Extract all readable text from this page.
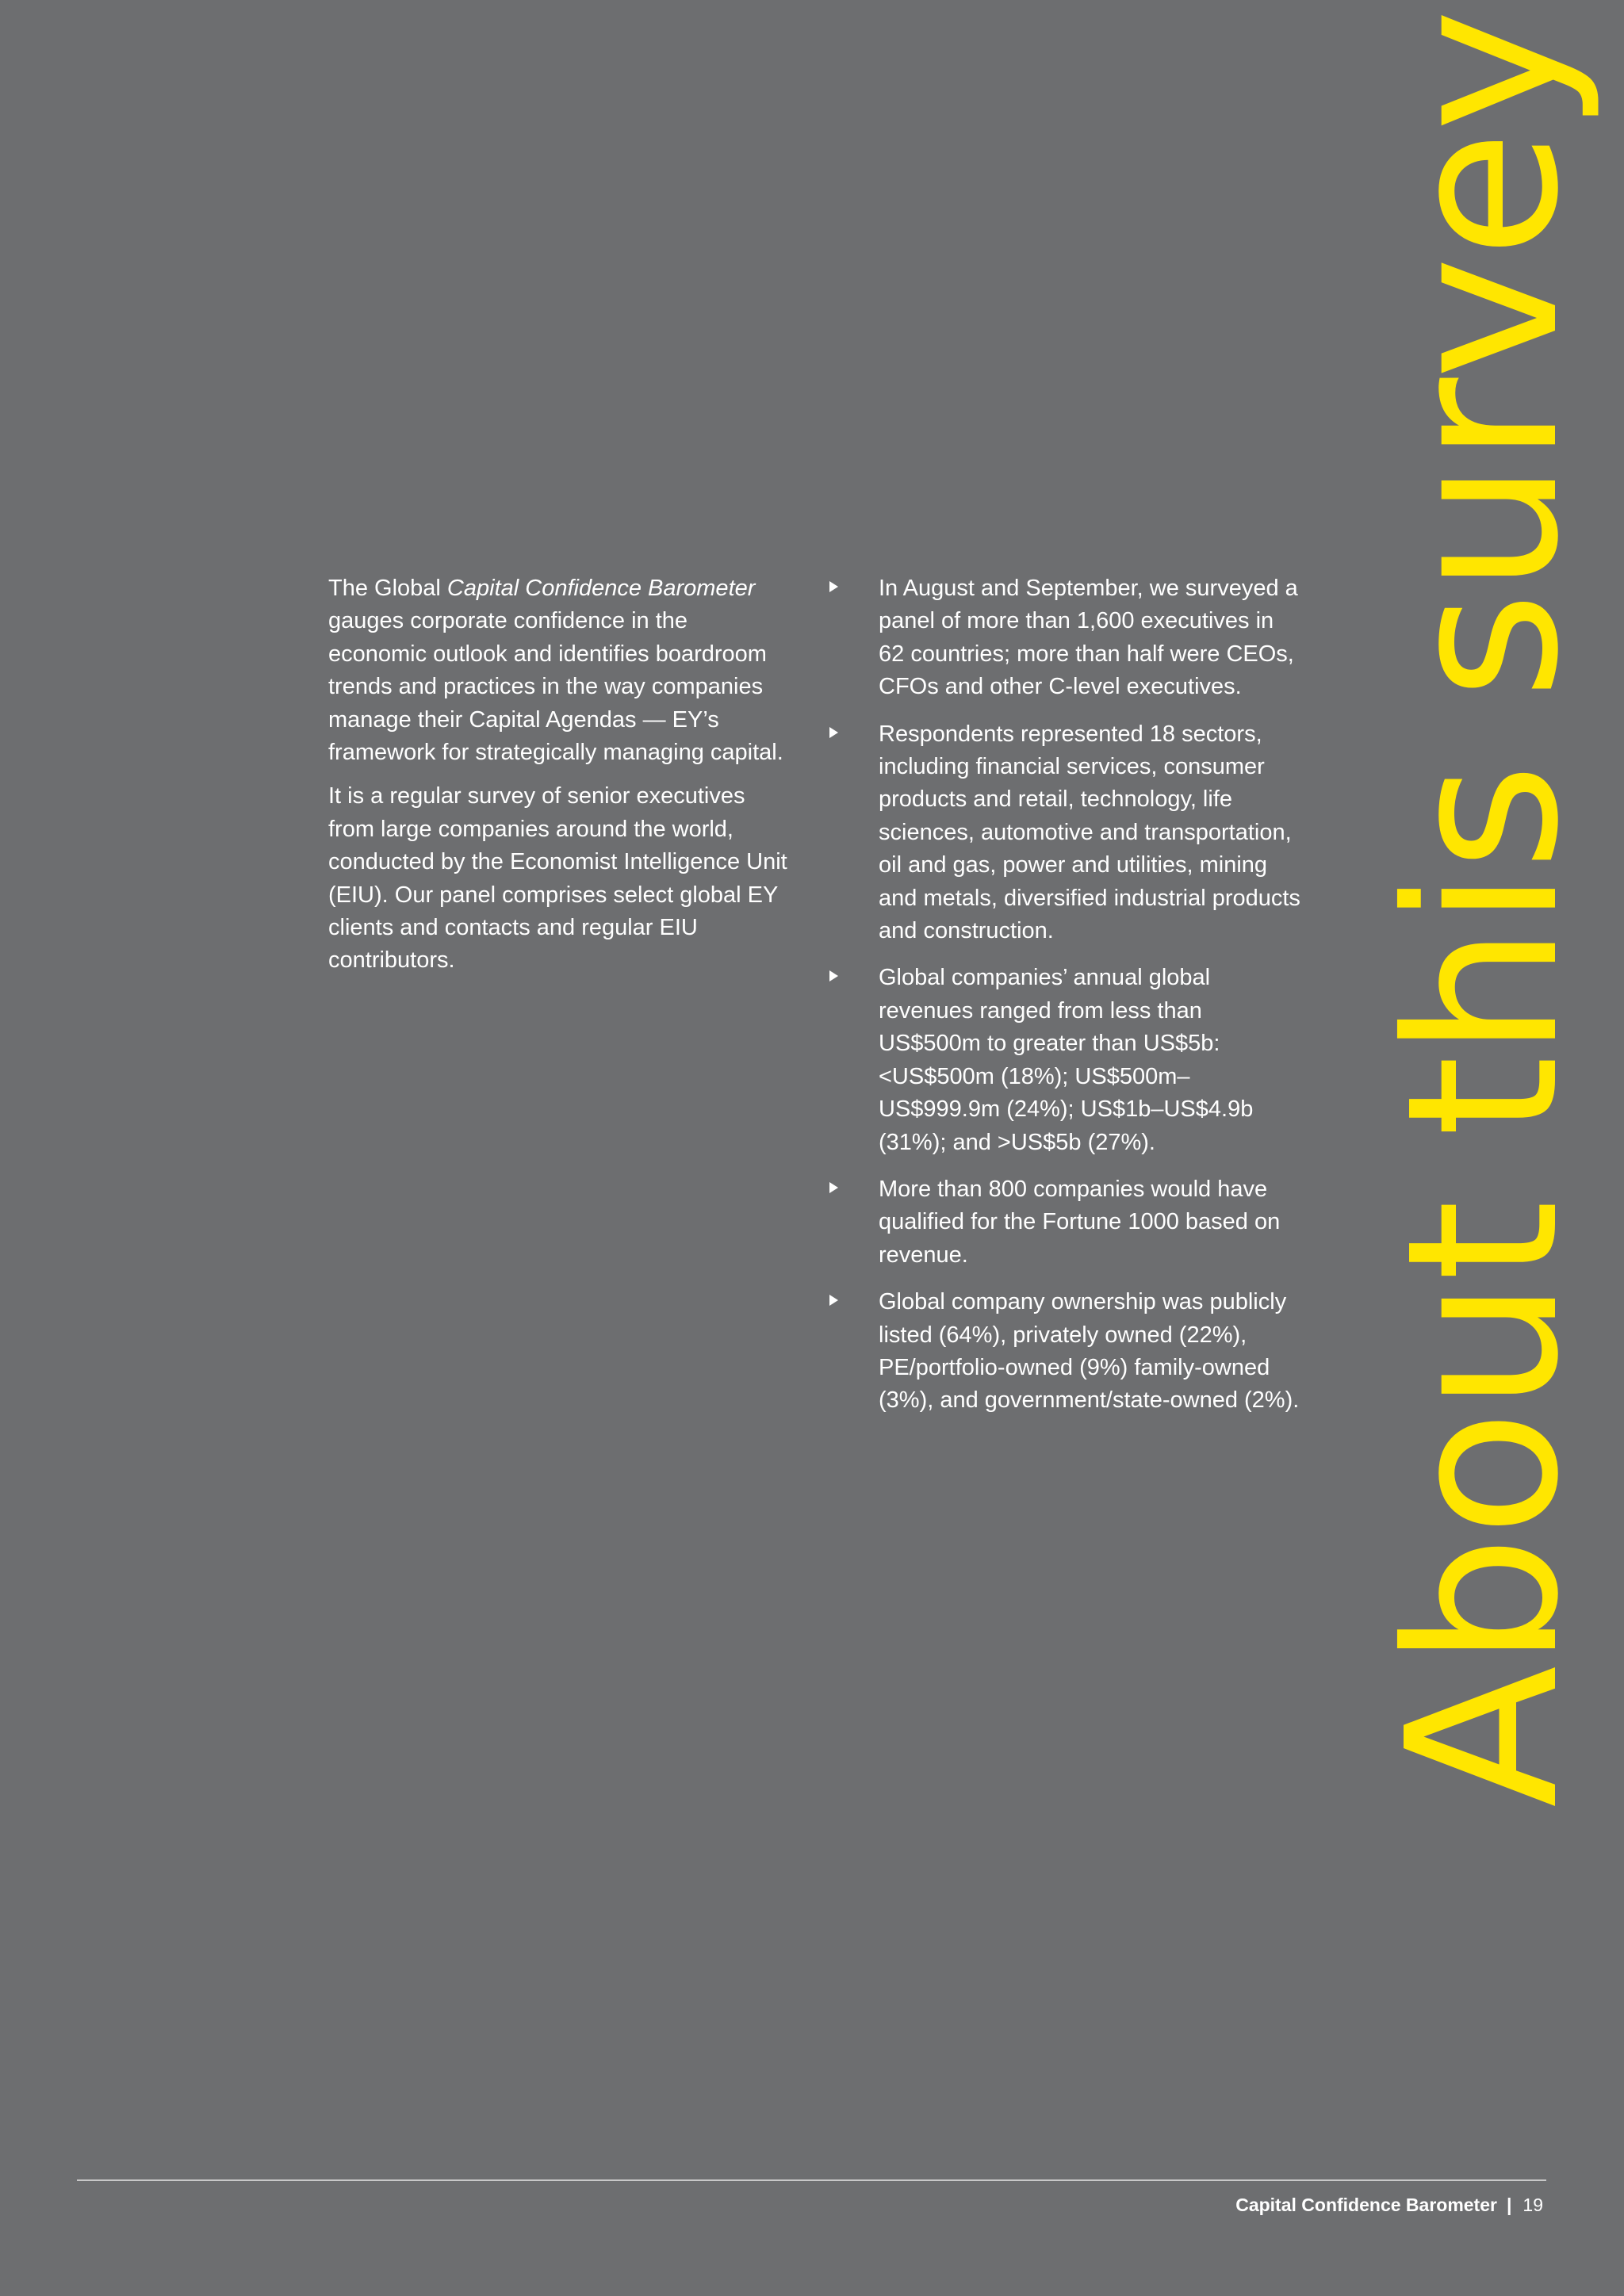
The Global Capital Confidence Barometer gauges corporate confidence in the economic outlook and identifies boardroom trends and practices in the way companies manage their Capital Agendas — EY’s framework for strategically managing capital.

It is a regular survey of senior executives from large companies around the world, conducted by the Economist Intelligence Unit (EIU). Our panel comprises select global EY clients and contacts and regular EIU contributors.

In August and September, we surveyed a panel of more than 1,600 executives in 62 countries; more than half were CEOs, CFOs and other C-level executives.
Respondents represented 18 sectors, including financial services, consumer products and retail, technology, life sciences, automotive and transportation, oil and gas, power and utilities, mining and metals, diversified industrial products and construction.
Global companies’ annual global revenues ranged from less than US$500m to greater than US$5b: <US$500m (18%); US$500m–US$999.9m (24%); US$1b–US$4.9b (31%); and >US$5b (27%).
More than 800 companies would have qualified for the Fortune 1000 based on revenue.
Global company ownership was publicly listed (64%), privately owned (22%), PE/portfolio-owned (9%) family-owned (3%), and government/state-owned (2%). About this survey
Capital Confidence Barometer | 19
